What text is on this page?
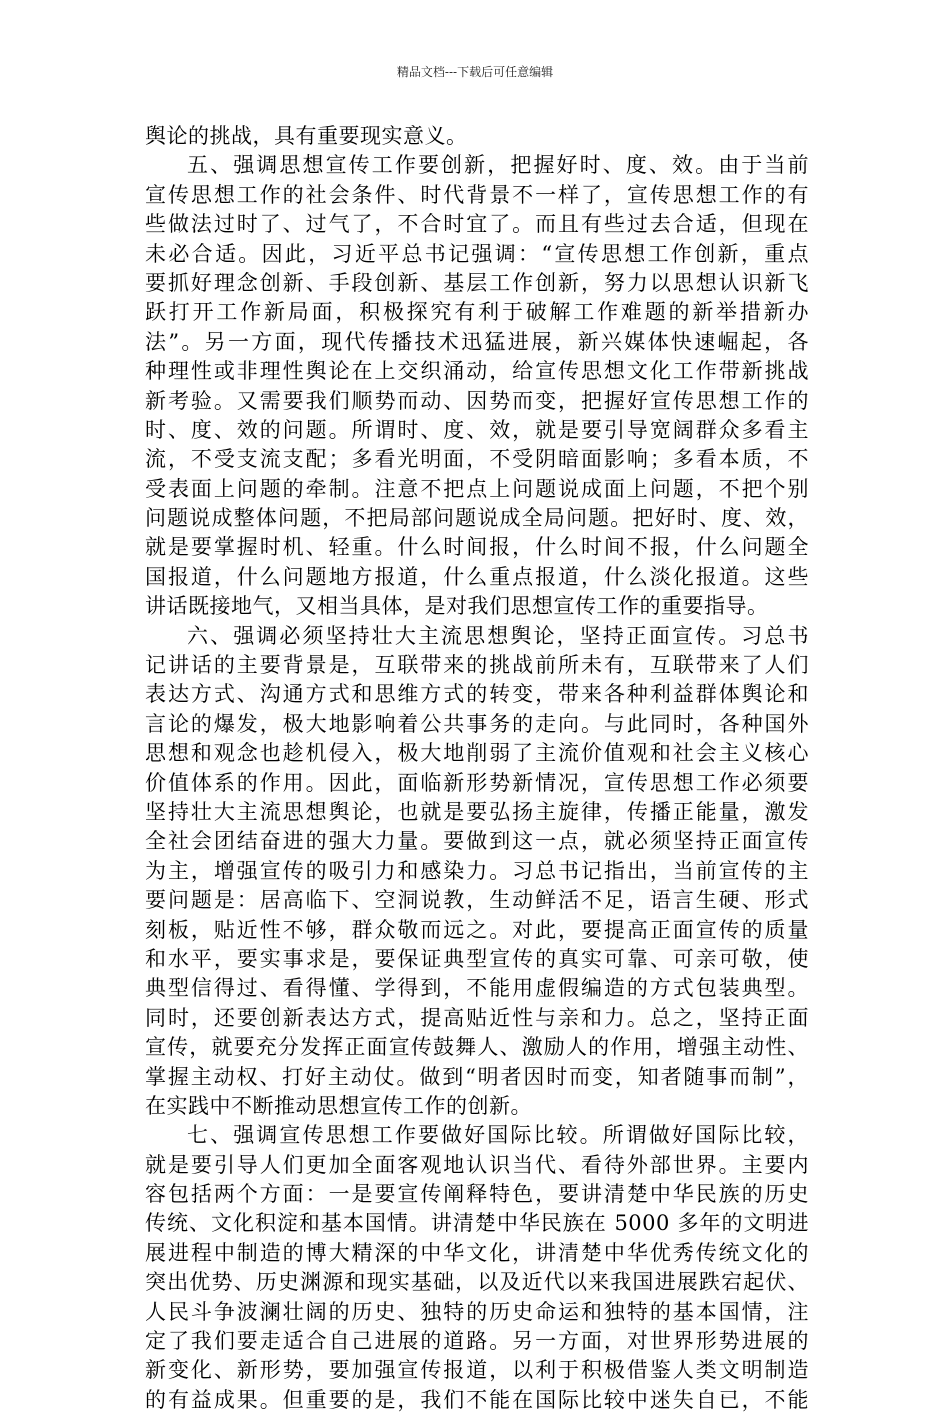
精品文档---下载后可任意编辑
舆论的挑战，具有重要现实意义。
五、强调思想宣传工作要创新，把握好时、度、效。由于当前
宣传思想工作的社会条件、时代背景不一样了，宣传思想工作的有
些做法过时了、过气了，不合时宜了。而且有些过去合适，但现在
未必合适。因此，习近平总书记强调：“宣传思想工作创新，重点
要抓好理念创新、手段创新、基层工作创新，努力以思想认识新飞
跃打开工作新局面，积极探究有利于破解工作难题的新举措新办
法”。另一方面，现代传播技术迅猛进展，新兴媒体快速崛起，各
种理性或非理性舆论在上交织涌动，给宣传思想文化工作带新挑战
新考验。又需要我们顺势而动、因势而变，把握好宣传思想工作的
时、度、效的问题。所谓时、度、效，就是要引导宽阔群众多看主
流，不受支流支配；多看光明面，不受阴暗面影响；多看本质，不
受表面上问题的牵制。注意不把点上问题说成面上问题，不把个别
问题说成整体问题，不把局部问题说成全局问题。把好时、度、效，
就是要掌握时机、轻重。什么时间报，什么时间不报，什么问题全
国报道，什么问题地方报道，什么重点报道，什么淡化报道。这些
讲话既接地气，又相当具体，是对我们思想宣传工作的重要指导。
六、强调必须坚持壮大主流思想舆论，坚持正面宣传。习总书
记讲话的主要背景是，互联带来的挑战前所未有，互联带来了人们
表达方式、沟通方式和思维方式的转变，带来各种利益群体舆论和
言论的爆发，极大地影响着公共事务的走向。与此同时，各种国外
思想和观念也趁机侵入，极大地削弱了主流价值观和社会主义核心
价值体系的作用。因此，面临新形势新情况，宣传思想工作必须要
坚持壮大主流思想舆论，也就是要弘扬主旋律，传播正能量，激发
全社会团结奋进的强大力量。要做到这一点，就必须坚持正面宣传
为主，增强宣传的吸引力和感染力。习总书记指出，当前宣传的主
要问题是：居高临下、空洞说教，生动鲜活不足，语言生硬、形式
刻板，贴近性不够，群众敬而远之。对此，要提高正面宣传的质量
和水平，要实事求是，要保证典型宣传的真实可靠、可亲可敬，使
典型信得过、看得懂、学得到，不能用虚假编造的方式包装典型。
同时，还要创新表达方式，提高贴近性与亲和力。总之，坚持正面
宣传，就要充分发挥正面宣传鼓舞人、激励人的作用，增强主动性、
掌握主动权、打好主动仗。做到“明者因时而变，知者随事而制”，
在实践中不断推动思想宣传工作的创新。
七、强调宣传思想工作要做好国际比较。所谓做好国际比较，
就是要引导人们更加全面客观地认识当代、看待外部世界。主要内
容包括两个方面：一是要宣传阐释特色，要讲清楚中华民族的历史
传统、文化积淀和基本国情。讲清楚中华民族在 5000 多年的文明进
展进程中制造的博大精深的中华文化，讲清楚中华优秀传统文化的
突出优势、历史渊源和现实基础，以及近代以来我国进展跌宕起伏、
人民斗争波澜壮阔的历史、独特的历史命运和独特的基本国情，注
定了我们要走适合自己进展的道路。另一方面，对世界形势进展的
新变化、新形势，要加强宣传报道，以利于积极借鉴人类文明制造
的有益成果。但重要的是，我们不能在国际比较中迷失自已，不能
